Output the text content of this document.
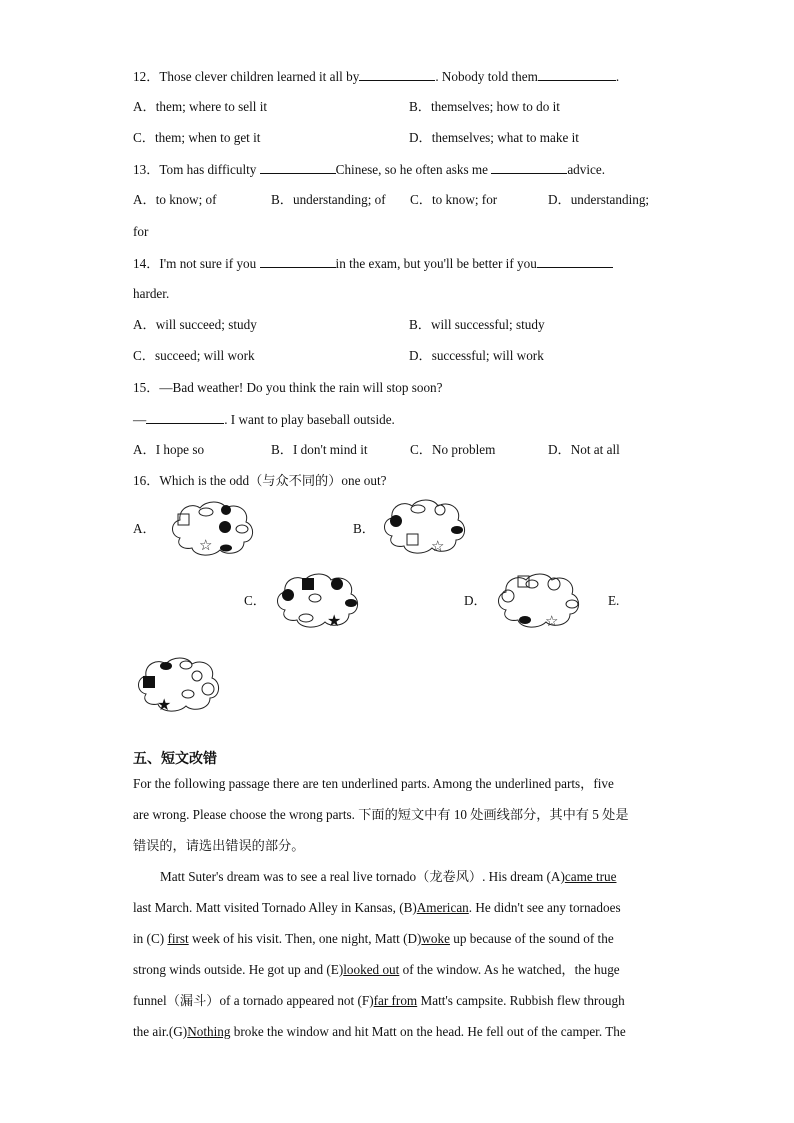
12．Those clever children learned it all by	. Nobody told them	.
A．them; where to sell it	B．themselves; how to do it
C．them; when to get it	D．themselves; what to make it
13．Tom has difficulty	Chinese, so he often asks me	advice.
A．to know; of	B．understanding; of C．to know; for	D．understanding;
for
14．I'm not sure if you	in the exam, but you'll be better if you
harder.
A．will succeed; study	B．will successful; study
C．succeed; will work	D．successful; will work
15．—Bad weather! Do you think the rain will stop soon?
—	. I want to play baseball outside.
A．I hope so	B．I don't mind it	C．No problem	D．Not at all
16．Which is the odd（与众不同的）one out?
A．
☆
B．
☆
C．
★
D．
☆
E.
★
五、短文改错
For the following passage there are ten underlined parts. Among the underlined parts，five
are wrong. Please choose the wrong parts. 下面的短文中有 10 处画线部分，其中有 5 处是
错误的，请选出错误的部分。
Matt Suter's dream was to see a real live tornado（龙卷风）. His dream (A)came true
last March. Matt visited Tornado Alley in Kansas, (B)American. He didn't see any tornadoes
in (C) first week of his visit. Then, one night, Matt (D)woke up because of the sound of the
strong winds outside. He got up and (E)looked out of the window. As he watched，the huge
funnel（漏斗）of a tornado appeared not (F)far from Matt's campsite. Rubbish flew through
the air.(G)Nothing broke the window and hit Matt on the head. He fell out of the camper. The
